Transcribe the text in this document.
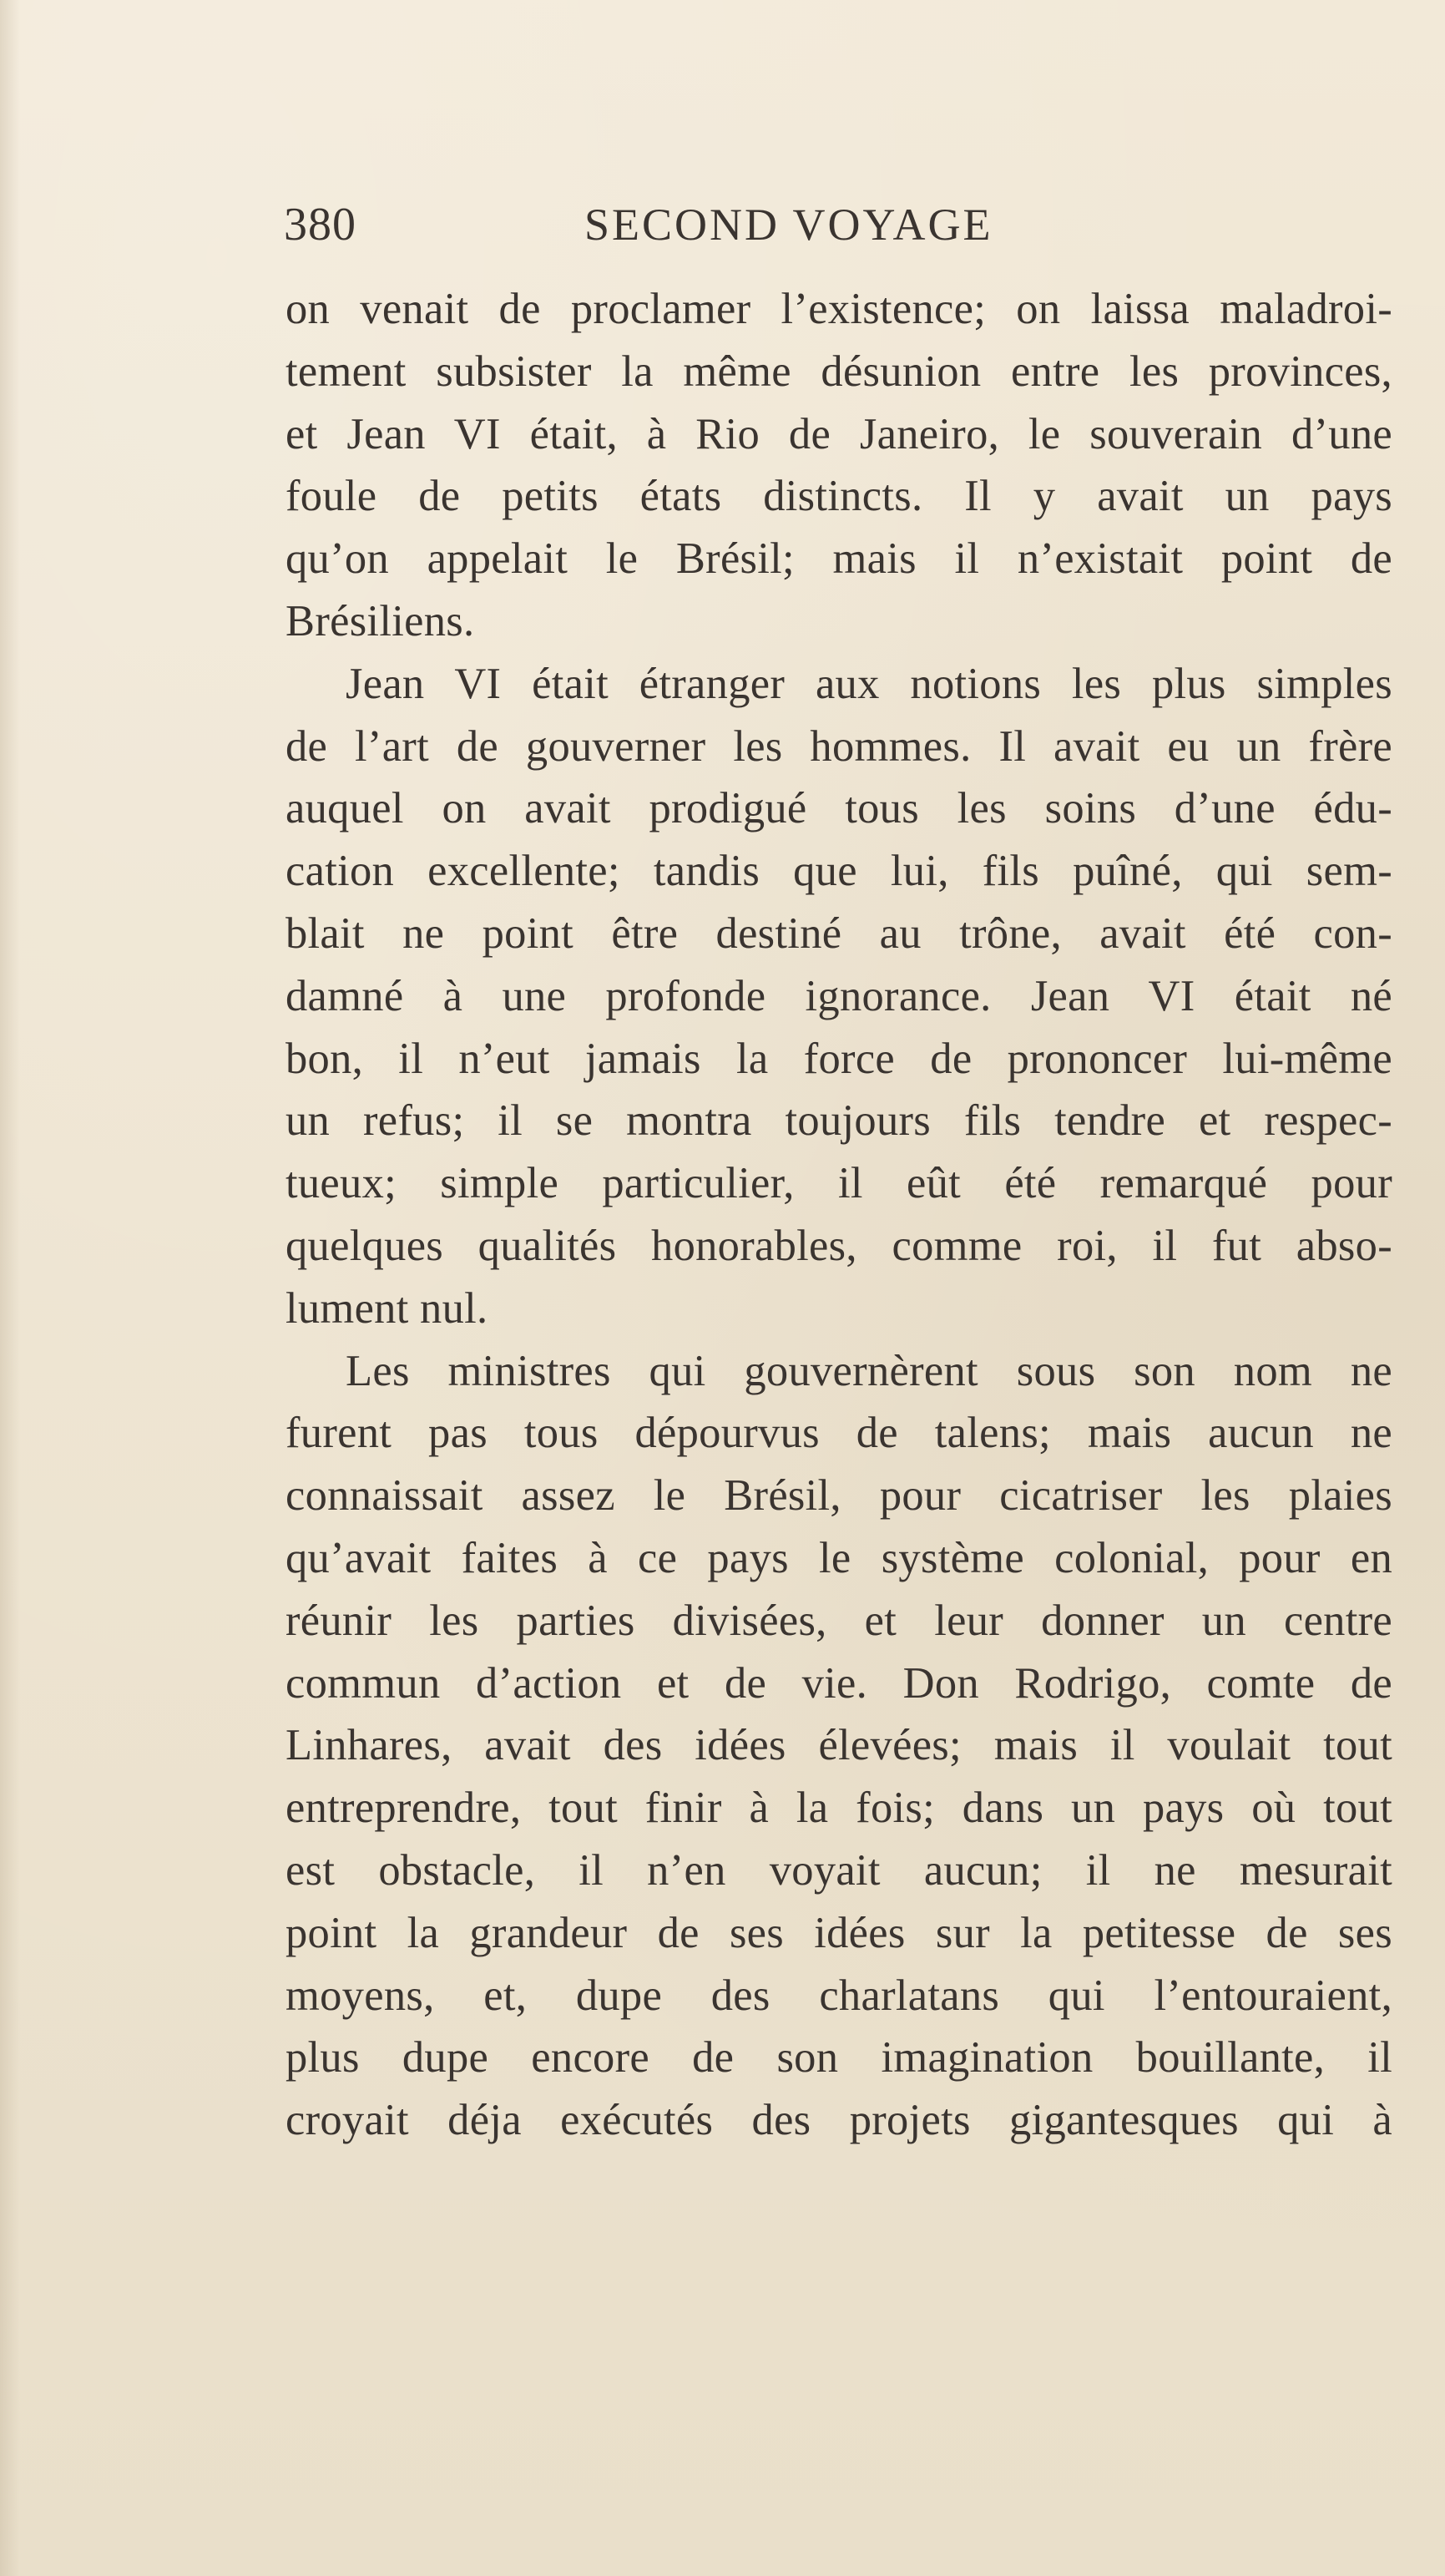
380	SECOND VOYAGE
on venait de proclamer l’existence; on laissa maladroi-
tement subsister la même désunion entre les provinces,
et Jean VI était, à Rio de Janeiro, le souverain d’une
foule de petits états distincts. Il y avait un pays
qu’on appelait le Brésil; mais il n’existait point de
Brésiliens.
Jean VI était étranger aux notions les plus simples
de l’art de gouverner les hommes. Il avait eu un frère
auquel on avait prodigué tous les soins d’une édu-
cation excellente; tandis que lui, fils puîné, qui sem-
blait ne point être destiné au trône, avait été con-
damné à une profonde ignorance. Jean VI était né
bon, il n’eut jamais la force de prononcer lui-même
un refus; il se montra toujours fils tendre et respec-
tueux; simple particulier, il eût été remarqué pour
quelques qualités honorables, comme roi, il fut abso-
lument nul.
Les ministres qui gouvernèrent sous son nom ne
furent pas tous dépourvus de talens; mais aucun ne
connaissait assez le Brésil, pour cicatriser les plaies
qu’avait faites à ce pays le système colonial, pour en
réunir les parties divisées, et leur donner un centre
commun d’action et de vie. Don Rodrigo, comte de
Linhares, avait des idées élevées; mais il voulait tout
entreprendre, tout finir à la fois; dans un pays où tout
est obstacle, il n’en voyait aucun; il ne mesurait
point la grandeur de ses idées sur la petitesse de ses
moyens, et, dupe des charlatans qui l’entouraient,
plus dupe encore de son imagination bouillante, il
croyait déja exécutés des projets gigantesques qui à
